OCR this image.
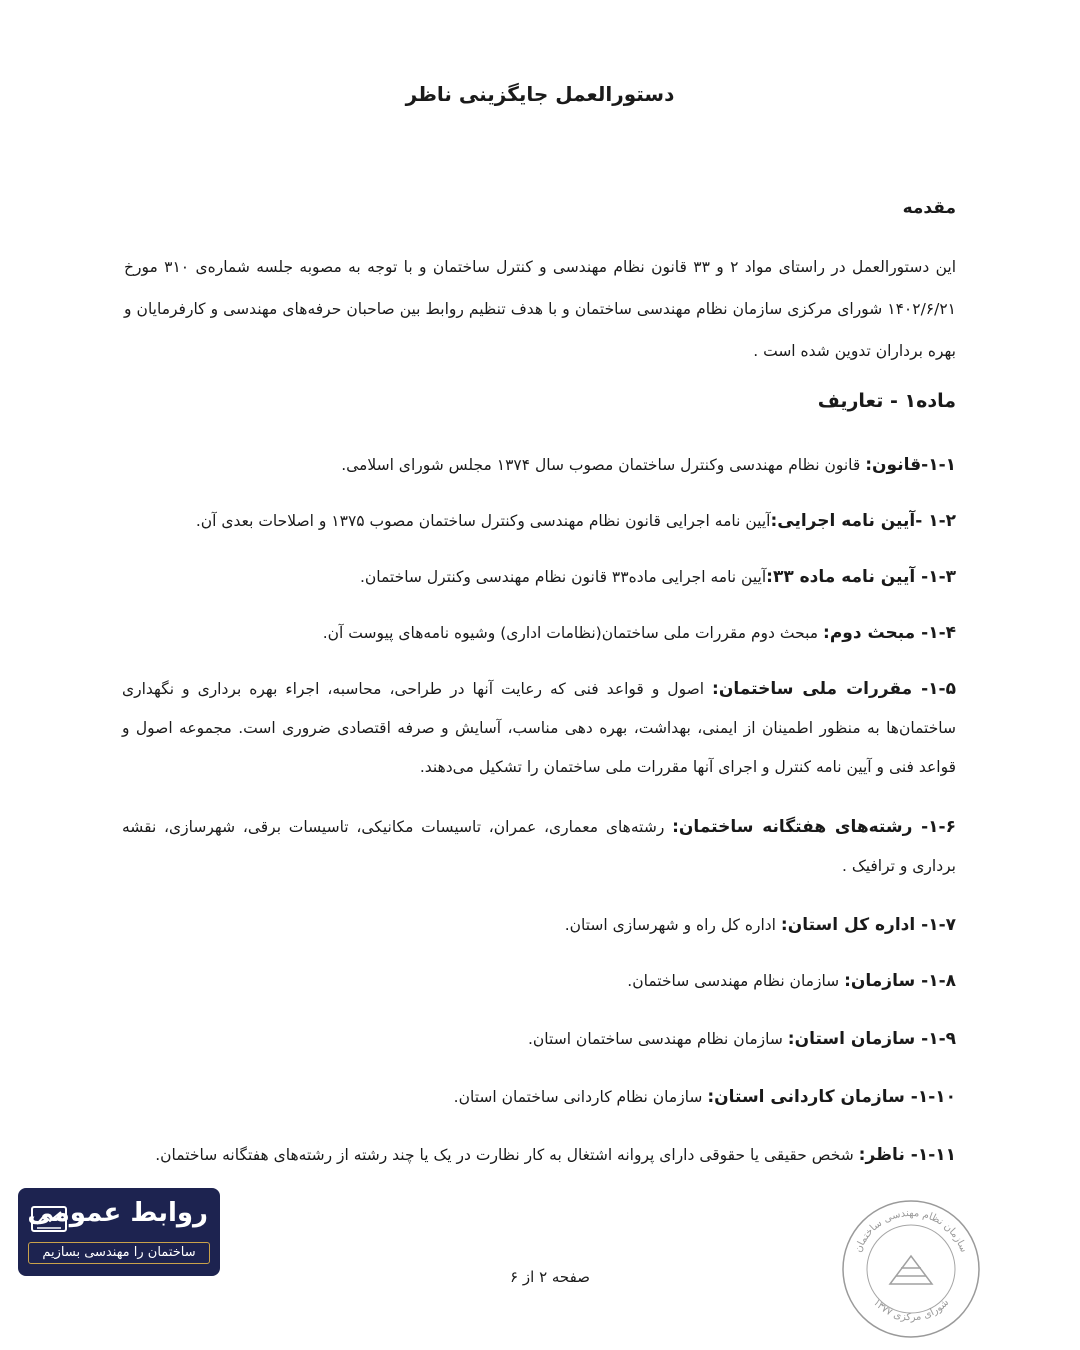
دستورالعمل جایگزینی ناظر
مقدمه
این دستورالعمل در راستای مواد ۲ و ۳۳ قانون نظام مهندسی و کنترل ساختمان و با توجه به مصوبه جلسه شماره‌ی ۳۱۰ مورخ ۱۴۰۲/۶/۲۱ شورای مرکزی سازمان نظام مهندسی ساختمان و با هدف تنظیم روابط بین صاحبان حرفه‌های مهندسی و کارفرمایان و بهره برداران تدوین شده است .
ماده۱ - تعاریف
۱-۱-قانون: قانون نظام مهندسی وکنترل ساختمان مصوب سال ۱۳۷۴ مجلس شورای اسلامی.
۱-۲ -آیین نامه اجرایی:آیین نامه اجرایی قانون نظام مهندسی وکنترل ساختمان مصوب ۱۳۷۵ و اصلاحات بعدی آن.
۱-۳- آیین نامه ماده ۳۳:آیین نامه اجرایی ماده۳۳ قانون نظام مهندسی وکنترل ساختمان.
۱-۴- مبحث دوم: مبحث دوم مقررات ملی ساختمان(نظامات اداری) وشیوه نامه‌های پیوست آن.
۱-۵- مقررات ملی ساختمان: اصول و قواعد فنی که رعایت آنها در طراحی، محاسبه، اجراء بهره برداری و نگهداری ساختمان‌ها به منظور اطمینان از ایمنی، بهداشت، بهره دهی مناسب، آسایش و صرفه اقتصادی ضروری است. مجموعه اصول و قواعد فنی و آیین نامه کنترل و اجرای آنها مقررات ملی ساختمان را تشکیل می‌دهند.
۱-۶- رشته‌های هفتگانه ساختمان: رشته‌های معماری، عمران، تاسیسات مکانیکی، تاسیسات برقی، شهرسازی، نقشه برداری و ترافیک .
۱-۷- اداره کل استان: اداره کل راه و شهرسازی استان.
۱-۸- سازمان: سازمان نظام مهندسی ساختمان.
۱-۹- سازمان استان: سازمان نظام مهندسی ساختمان استان.
۱-۱۰- سازمان کاردانی استان: سازمان نظام کاردانی ساختمان استان.
۱-۱۱- ناظر: شخص حقیقی یا حقوقی دارای پروانه اشتغال به کار نظارت در یک یا چند رشته از رشته‌های هفتگانه ساختمان.
صفحه ۲ از ۶
روابط عمومی
ساختمان را مهندسی بسازیم	سازمان نظام مهندسی ساختمان
شورای مرکزی ۱۳۷۷
